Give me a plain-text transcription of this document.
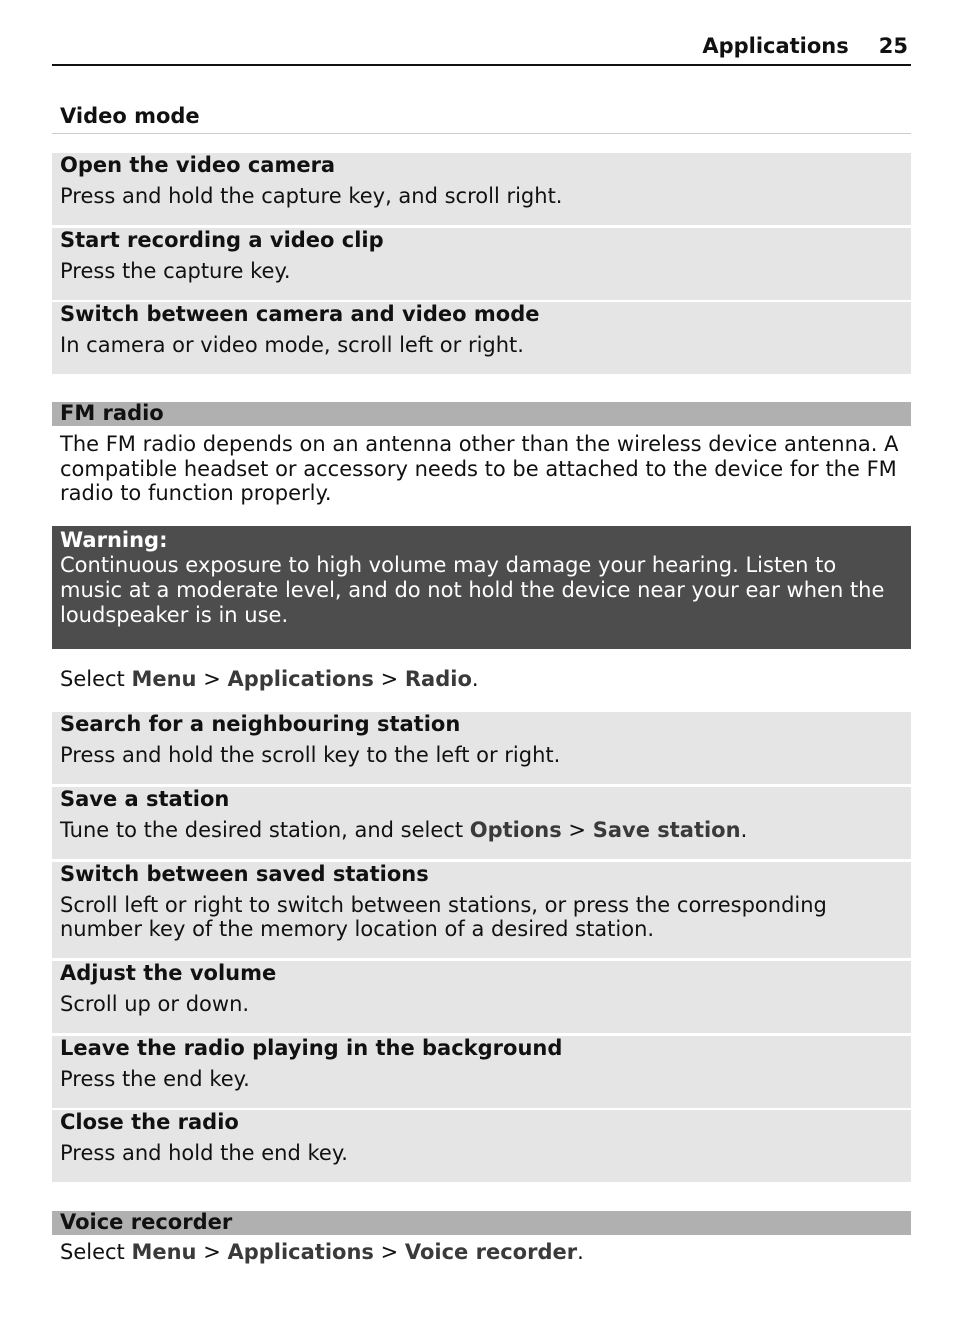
Applications 25
Video mode
Open the video camera
Press and hold the capture key, and scroll right.
Start recording a video clip
Press the capture key.
Switch between camera and video mode
In camera or video mode, scroll left or right.
FM radio
The FM radio depends on an antenna other than the wireless device antenna. A compatible headset or accessory needs to be attached to the device for the FM radio to function properly.
Warning:
Continuous exposure to high volume may damage your hearing. Listen to music at a moderate level, and do not hold the device near your ear when the loudspeaker is in use.
Select Menu > Applications > Radio.
Search for a neighbouring station
Press and hold the scroll key to the left or right.
Save a station
Tune to the desired station, and select Options > Save station.
Switch between saved stations
Scroll left or right to switch between stations, or press the corresponding number key of the memory location of a desired station.
Adjust the volume
Scroll up or down.
Leave the radio playing in the background
Press the end key.
Close the radio
Press and hold the end key.
Voice recorder
Select Menu > Applications > Voice recorder.
